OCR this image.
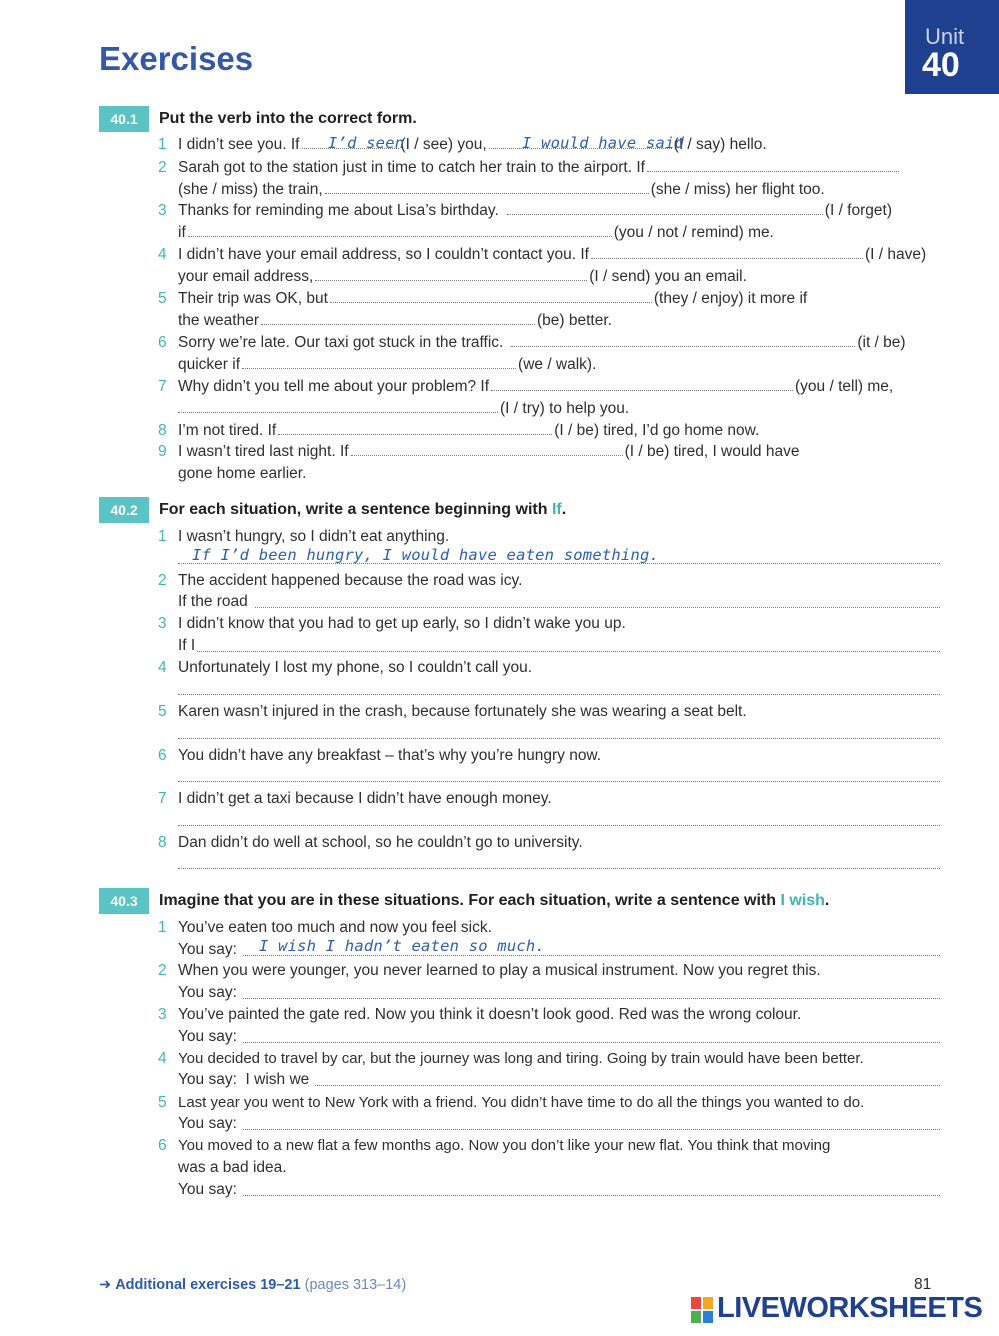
Exercises
Unit
40
40.1	Put the verb into the correct form.
1 I didn’t see you. If	(I / see) you,	(I / say) hello.
I’d seen	I would have said
2 Sarah got to the station just in time to catch her train to the airport. If
(she / miss) the train,	(she / miss) her flight too.
3 Thanks for reminding me about Lisa’s birthday.	(I / forget)
if	(you / not / remind) me.
4 I didn’t have your email address, so I couldn’t contact you. If	(I / have)
your email address,	(I / send) you an email.
5 Their trip was OK, but	(they / enjoy) it more if
the weather	(be) better.
6 Sorry we’re late. Our taxi got stuck in the traffic.	(it / be)
quicker if	(we / walk).
7 Why didn’t you tell me about your problem? If	(you / tell) me,
(I / try) to help you.
8 I’m not tired. If	(I / be) tired, I’d go home now.
9 I wasn’t tired last night. If	(I / be) tired, I would have
gone home earlier.
40.2	For each situation, write a sentence beginning with If.
1 I wasn’t hungry, so I didn’t eat anything.
If I’d been hungry, I would have eaten something.
2 The accident happened because the road was icy.
If the road
3 I didn’t know that you had to get up early, so I didn’t wake you up.
If I
4 Unfortunately I lost my phone, so I couldn’t call you.
5 Karen wasn’t injured in the crash, because fortunately she was wearing a seat belt.
6 You didn’t have any breakfast – that’s why you’re hungry now.
7 I didn’t get a taxi because I didn’t have enough money.
8 Dan didn’t do well at school, so he couldn’t go to university.
40.3	Imagine that you are in these situations. For each situation, write a sentence with I wish.
1 You’ve eaten too much and now you feel sick.
You say: I wish I hadn’t eaten so much.
2 When you were younger, you never learned to play a musical instrument. Now you regret this.
You say:
3 You’ve painted the gate red. Now you think it doesn’t look good. Red was the wrong colour.
You say:
4 You decided to travel by car, but the journey was long and tiring. Going by train would have been better.
You say: I wish we
5 Last year you went to New York with a friend. You didn’t have time to do all the things you wanted to do.
You say:
6 You moved to a new flat a few months ago. Now you don’t like your new flat. You think that moving
was a bad idea.
You say:
➜ Additional exercises 19–21 (pages 313–14)	81
LIVEWORKSHEETS
